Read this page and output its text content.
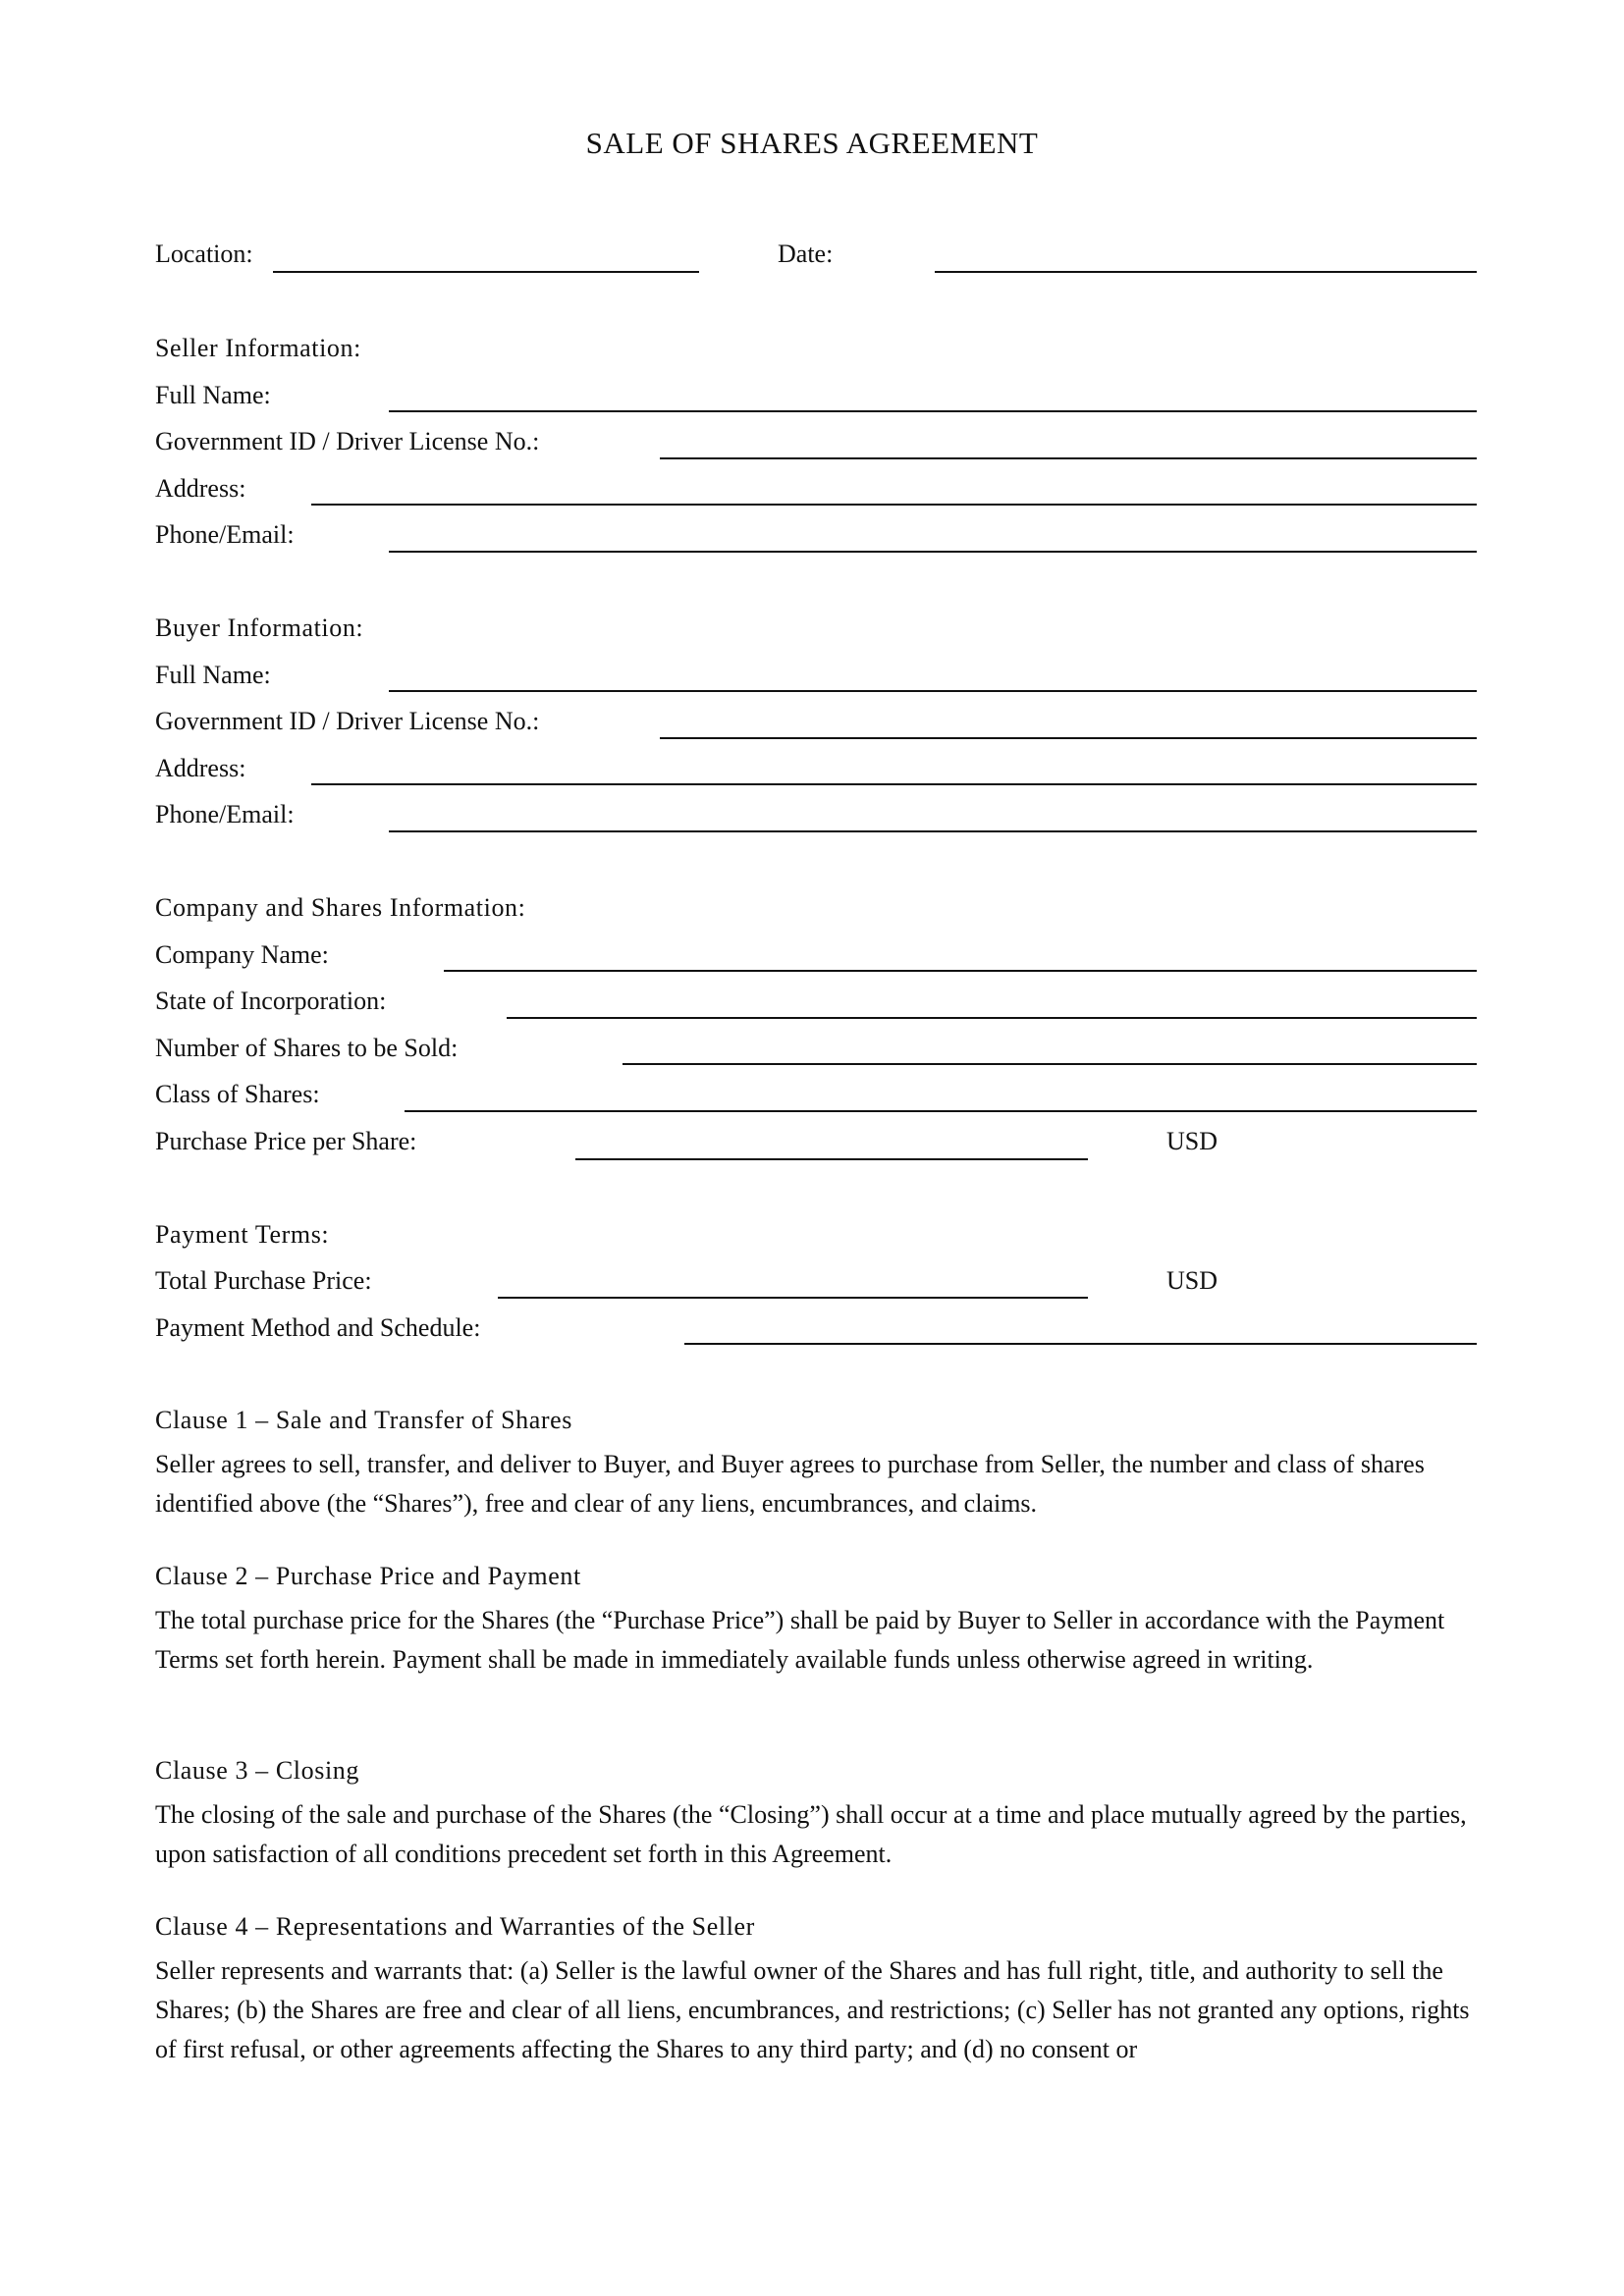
SALE OF SHARES AGREEMENT
Location:	Date:
Seller Information:
Full Name:
Government ID / Driver License No.:
Address:
Phone/Email:
Buyer Information:
Full Name:
Government ID / Driver License No.:
Address:
Phone/Email:
Company and Shares Information:
Company Name:
State of Incorporation:
Number of Shares to be Sold:
Class of Shares:
Purchase Price per Share:	USD
Payment Terms:
Total Purchase Price:	USD
Payment Method and Schedule:
Clause 1 – Sale and Transfer of Shares

Seller agrees to sell, transfer, and deliver to Buyer, and Buyer agrees to purchase from Seller, the number and class of shares identified above (the “Shares”), free and clear of any liens, encumbrances, and claims.

Clause 2 – Purchase Price and Payment

The total purchase price for the Shares (the “Purchase Price”) shall be paid by Buyer to Seller in accordance with the Payment Terms set forth herein. Payment shall be made in immediately available funds unless otherwise agreed in writing.

Clause 3 – Closing

The closing of the sale and purchase of the Shares (the “Closing”) shall occur at a time and place mutually agreed by the parties, upon satisfaction of all conditions precedent set forth in this Agreement.

Clause 4 – Representations and Warranties of the Seller

Seller represents and warrants that: (a) Seller is the lawful owner of the Shares and has full right, title, and authority to sell the Shares; (b) the Shares are free and clear of all liens, encumbrances, and restrictions; (c) Seller has not granted any options, rights of first refusal, or other agreements affecting the Shares to any third party; and (d) no consent or
